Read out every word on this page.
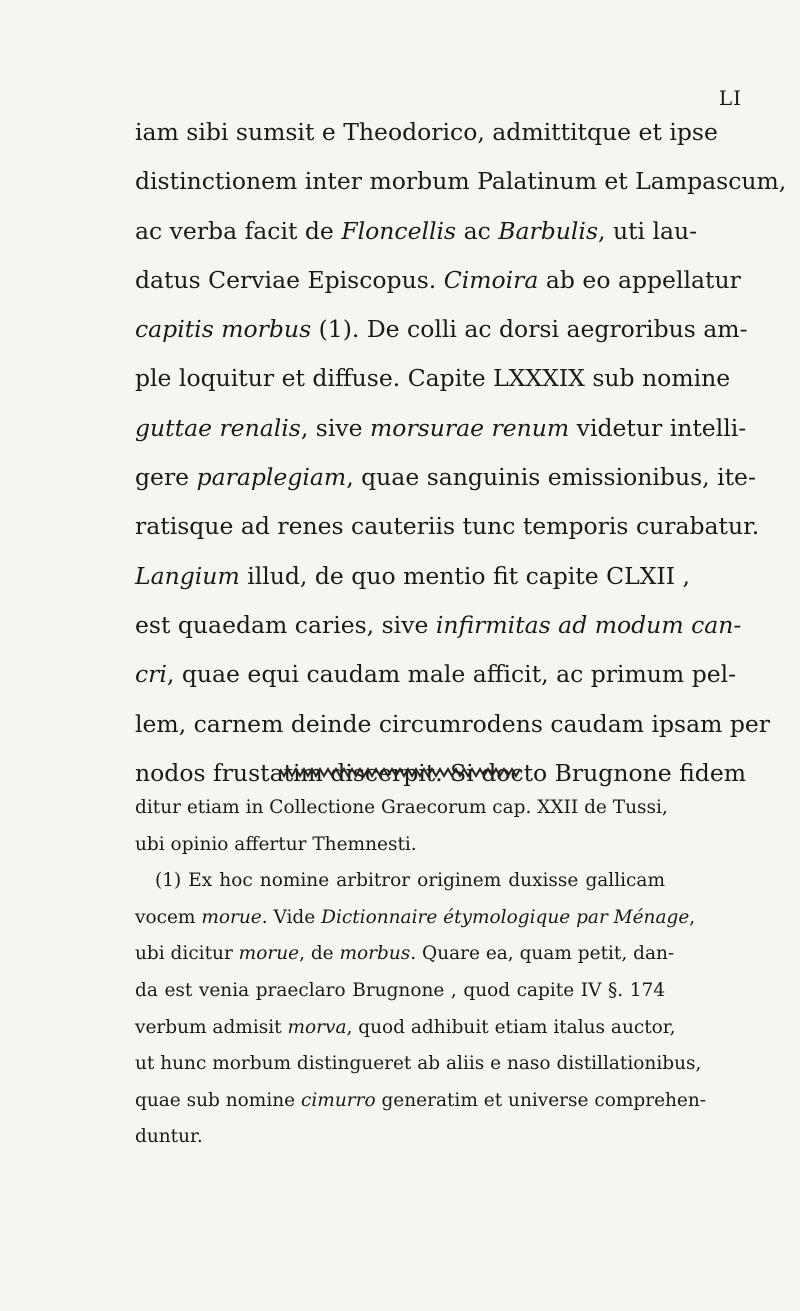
LI
iam sibi sumsit e Theodorico, admittitque et ipse
distinctionem inter morbum Palatinum et Lampascum,
ac verba facit de Floncellis ac Barbulis, uti lau-
datus Cerviae Episcopus. Cimoira ab eo appellatur
capitis morbus (1). De colli ac dorsi aegroribus am-
ple loquitur et diffuse. Capite LXXXIX sub nomine
guttae renalis, sive morsurae renum videtur intelli-
gere paraplegiam, quae sanguinis emissionibus, ite-
ratisque ad renes cauteriis tunc temporis curabatur.
Langium illud, de quo mentio fit capite CLXII ,
est quaedam caries, sive infirmitas ad modum can-
cri, quae equi caudam male afficit, ac primum pel-
lem, carnem deinde circumrodens caudam ipsam per
nodos frustatim discerpit. Si docto Brugnone fidem
ditur etiam in Collectione Graecorum cap. XXII de Tussi,
ubi opinio affertur Themnesti.
(1) Ex hoc nomine arbitror originem duxisse gallicam
vocem morue. Vide Dictionnaire étymologique par Ménage,
ubi dicitur morue, de morbus. Quare ea, quam petit, dan-
da est venia praeclaro Brugnone , quod capite IV §. 174
verbum admisit morva, quod adhibuit etiam italus auctor,
ut hunc morbum distingueret ab aliis e naso distillationibus,
quae sub nomine cimurro generatim et universe comprehen-
duntur.
